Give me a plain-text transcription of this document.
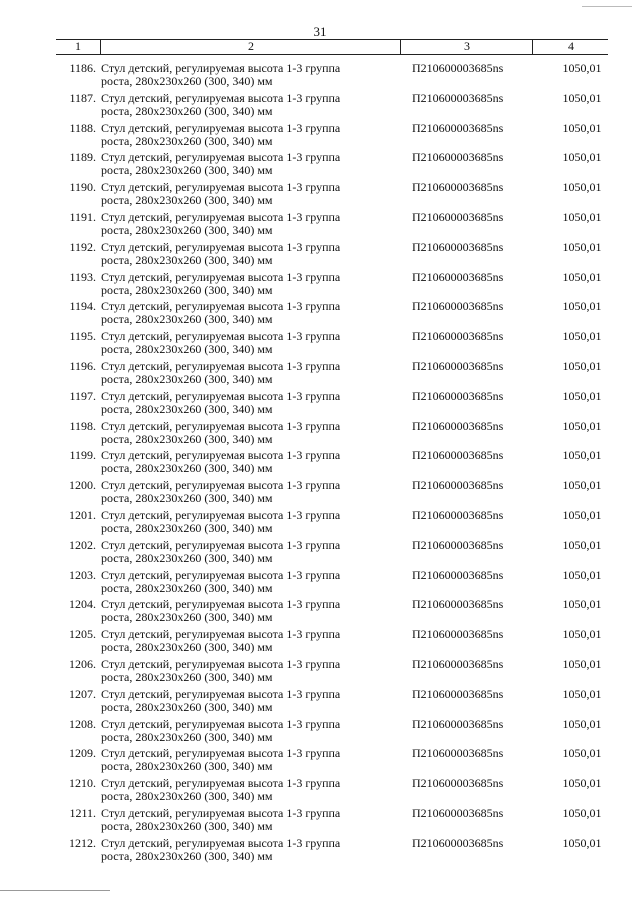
31
1	2	3	4
1186. Стул детский, регулируемая высота 1-3 группа
роста, 280x230x260 (300, 340) мм
П210600003685ns	1050,01
1187. Стул детский, регулируемая высота 1-3 группа
роста, 280x230x260 (300, 340) мм
П210600003685ns	1050,01
1188. Стул детский, регулируемая высота 1-3 группа
роста, 280x230x260 (300, 340) мм
П210600003685ns	1050,01
1189. Стул детский, регулируемая высота 1-3 группа
роста, 280x230x260 (300, 340) мм
П210600003685ns	1050,01
1190. Стул детский, регулируемая высота 1-3 группа
роста, 280x230x260 (300, 340) мм
П210600003685ns	1050,01
1191. Стул детский, регулируемая высота 1-3 группа
роста, 280x230x260 (300, 340) мм
П210600003685ns	1050,01
1192. Стул детский, регулируемая высота 1-3 группа
роста, 280x230x260 (300, 340) мм
П210600003685ns	1050,01
1193. Стул детский, регулируемая высота 1-3 группа
роста, 280x230x260 (300, 340) мм
П210600003685ns	1050,01
1194. Стул детский, регулируемая высота 1-3 группа
роста, 280x230x260 (300, 340) мм
П210600003685ns	1050,01
1195. Стул детский, регулируемая высота 1-3 группа
роста, 280x230x260 (300, 340) мм
П210600003685ns	1050,01
1196. Стул детский, регулируемая высота 1-3 группа
роста, 280x230x260 (300, 340) мм
П210600003685ns	1050,01
1197. Стул детский, регулируемая высота 1-3 группа
роста, 280x230x260 (300, 340) мм
П210600003685ns	1050,01
1198. Стул детский, регулируемая высота 1-3 группа
роста, 280x230x260 (300, 340) мм
П210600003685ns	1050,01
1199. Стул детский, регулируемая высота 1-3 группа
роста, 280x230x260 (300, 340) мм
П210600003685ns	1050,01
1200. Стул детский, регулируемая высота 1-3 группа
роста, 280x230x260 (300, 340) мм
П210600003685ns	1050,01
1201. Стул детский, регулируемая высота 1-3 группа
роста, 280x230x260 (300, 340) мм
П210600003685ns	1050,01
1202. Стул детский, регулируемая высота 1-3 группа
роста, 280x230x260 (300, 340) мм
П210600003685ns	1050,01
1203. Стул детский, регулируемая высота 1-3 группа
роста, 280x230x260 (300, 340) мм
П210600003685ns	1050,01
1204. Стул детский, регулируемая высота 1-3 группа
роста, 280x230x260 (300, 340) мм
П210600003685ns	1050,01
1205. Стул детский, регулируемая высота 1-3 группа
роста, 280x230x260 (300, 340) мм
П210600003685ns	1050,01
1206. Стул детский, регулируемая высота 1-3 группа
роста, 280x230x260 (300, 340) мм
П210600003685ns	1050,01
1207. Стул детский, регулируемая высота 1-3 группа
роста, 280x230x260 (300, 340) мм
П210600003685ns	1050,01
1208. Стул детский, регулируемая высота 1-3 группа
роста, 280x230x260 (300, 340) мм
П210600003685ns	1050,01
1209. Стул детский, регулируемая высота 1-3 группа
роста, 280x230x260 (300, 340) мм
П210600003685ns	1050,01
1210. Стул детский, регулируемая высота 1-3 группа
роста, 280x230x260 (300, 340) мм
П210600003685ns	1050,01
1211. Стул детский, регулируемая высота 1-3 группа
роста, 280x230x260 (300, 340) мм
П210600003685ns	1050,01
1212. Стул детский, регулируемая высота 1-3 группа
роста, 280x230x260 (300, 340) мм
П210600003685ns	1050,01
